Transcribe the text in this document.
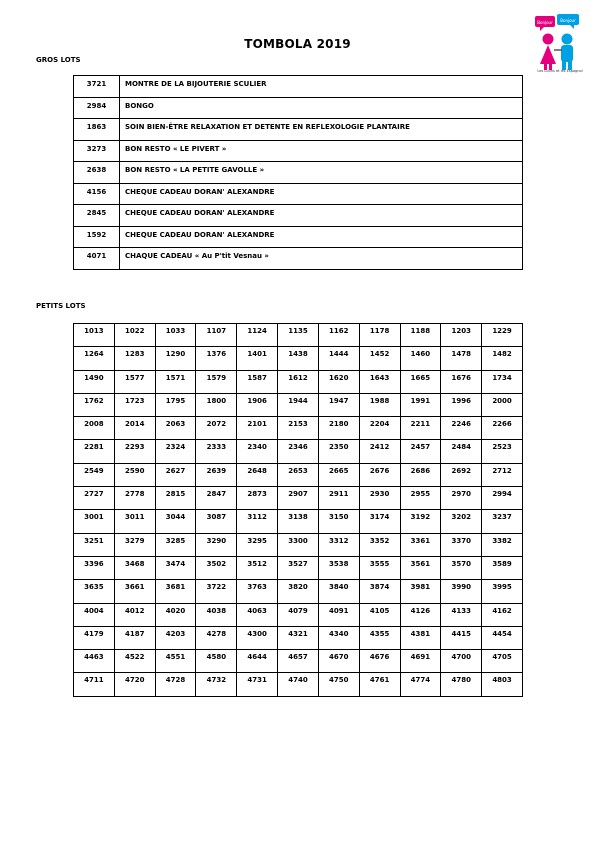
TOMBOLA 2019
Bonjour Bonjour
Les Lutins et les Espagnol
GROS LOTS
3721	MONTRE DE LA BIJOUTERIE SCULIER
2984	BONGO
1863	SOIN BIEN-ÊTRE RELAXATION ET DETENTE EN REFLEXOLOGIE PLANTAIRE
3273	BON RESTO « LE PIVERT »
2638	BON RESTO « LA PETITE GAVOLLE »
4156	CHEQUE CADEAU DORAN' ALEXANDRE
2845	CHEQUE CADEAU DORAN' ALEXANDRE
1592	CHEQUE CADEAU DORAN' ALEXANDRE
4071	CHAQUE CADEAU « Au P'tit Vesnau »
PETITS LOTS
1013	1022	1033	1107	1124	1135	1162	1178	1188	1203	1229
1264	1283	1290	1376	1401	1438	1444	1452	1460	1478	1482
1490	1577	1571	1579	1587	1612	1620	1643	1665	1676	1734
1762	1723	1795	1800	1906	1944	1947	1988	1991	1996	2000
2008	2014	2063	2072	2101	2153	2180	2204	2211	2246	2266
2281	2293	2324	2333	2340	2346	2350	2412	2457	2484	2523
2549	2590	2627	2639	2648	2653	2665	2676	2686	2692	2712
2727	2778	2815	2847	2873	2907	2911	2930	2955	2970	2994
3001	3011	3044	3087	3112	3138	3150	3174	3192	3202	3237
3251	3279	3285	3290	3295	3300	3312	3352	3361	3370	3382
3396	3468	3474	3502	3512	3527	3538	3555	3561	3570	3589
3635	3661	3681	3722	3763	3820	3840	3874	3981	3990	3995
4004	4012	4020	4038	4063	4079	4091	4105	4126	4133	4162
4179	4187	4203	4278	4300	4321	4340	4355	4381	4415	4454
4463	4522	4551	4580	4644	4657	4670	4676	4691	4700	4705
4711	4720	4728	4732	4731	4740	4750	4761	4774	4780	4803
